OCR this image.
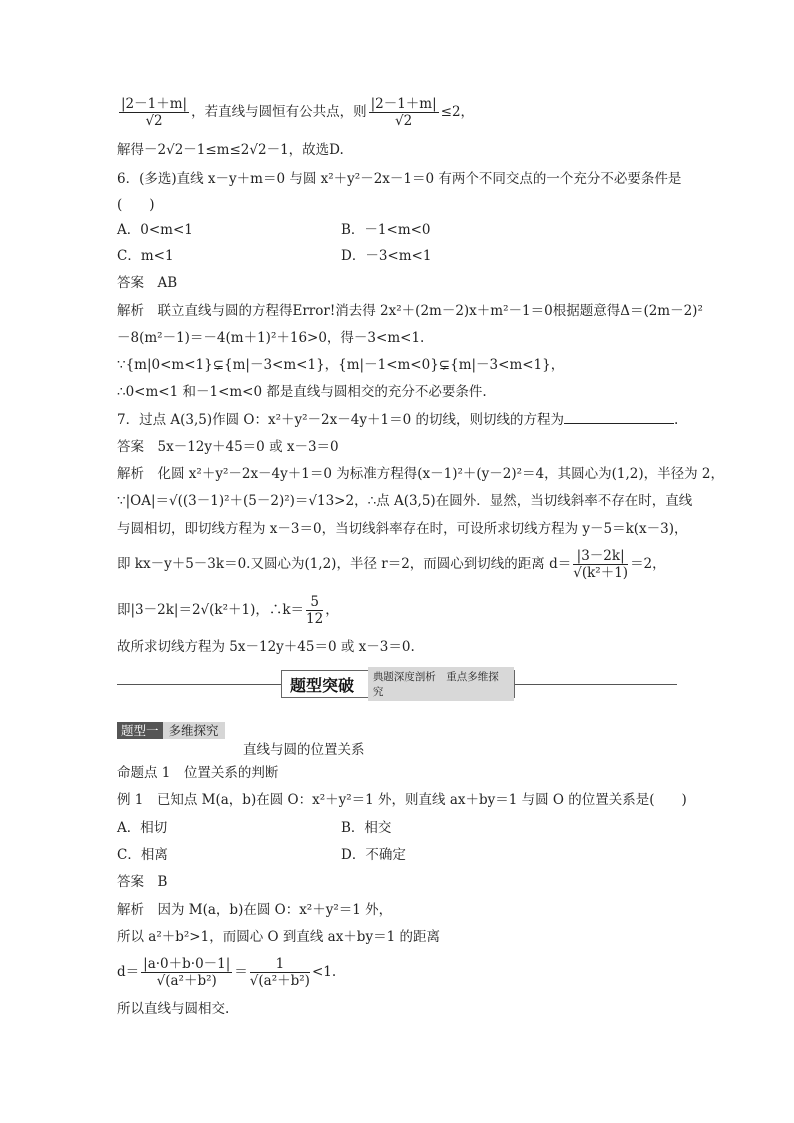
$\frac{|2-1+m|}{√2}$ ，若直线与圆恒有公共点，则 $\frac{|2-1+m|}{√2} \le 2$，
解得－2√2－1≤m≤2√2－1，故选D.
6．(多选)直线 x－y＋m＝0 与圆 x²＋y²－2x－1＝0 有两个不同交点的一个充分不必要条件是
(　　)
A．0<m<1	B．－1<m<0
C．m<1	D．－3<m<1
答案　AB
解析　联立直线与圆的方程得Error!消去得 2x²＋(2m－2)x＋m²－1＝0根据题意得Δ＝(2m－2)²
－8(m²－1)＝－4(m＋1)²＋16>0，得－3<m<1.
∵{m|0<m<1}⊊{m|－3<m<1}，{m|－1<m<0}⊊{m|－3<m<1}，
∴0<m<1 和－1<m<0 都是直线与圆相交的充分不必要条件.
7．过点 A(3,5)作圆 O：x²＋y²－2x－4y＋1＝0 的切线，则切线的方程为	.
答案　5x－12y＋45＝0 或 x－3＝0
解析　化圆 x²＋y²－2x－4y＋1＝0 为标准方程得(x－1)²＋(y－2)²＝4，其圆心为(1,2)，半径为 2，
∵|OA|＝√((3－1)²＋(5－2)²)＝√13>2，∴点 A(3,5)在圆外．显然，当切线斜率不存在时，直线
与圆相切，即切线方程为 x－3＝0，当切线斜率存在时，可设所求切线方程为 y－5＝k(x－3)，
即 kx－y＋5－3k＝0.又圆心为(1,2)，半径 r＝2，而圆心到切线的距离 $d= \frac{|3-2k|}{\text{√(k²＋1)}} =2$，
即|3－2k|＝2√(k²＋1)，∴k＝ $\frac{5}{12}$ ，
故所求切线方程为 5x－12y＋45＝0 或 x－3＝0.
题型突破	典题深度剖析　重点多维探究
题型一 多维探究
直线与圆的位置关系
命题点 1　位置关系的判断
例 1　已知点 M(a，b)在圆 O：x²＋y²＝1 外，则直线 ax＋by＝1 与圆 O 的位置关系是(　　)
A．相切	B．相交
C．相离	D．不确定
答案　B
解析　因为 M(a，b)在圆 O：x²＋y²＝1 外，
所以 a²＋b²>1，而圆心 O 到直线 ax＋by＝1 的距离
$d= \frac{|a\cdot 0+b\cdot 0-1|}{\text{√(a²＋b²)}} = \frac{1}{\text{√(a²＋b²)}} <1$.
所以直线与圆相交.
